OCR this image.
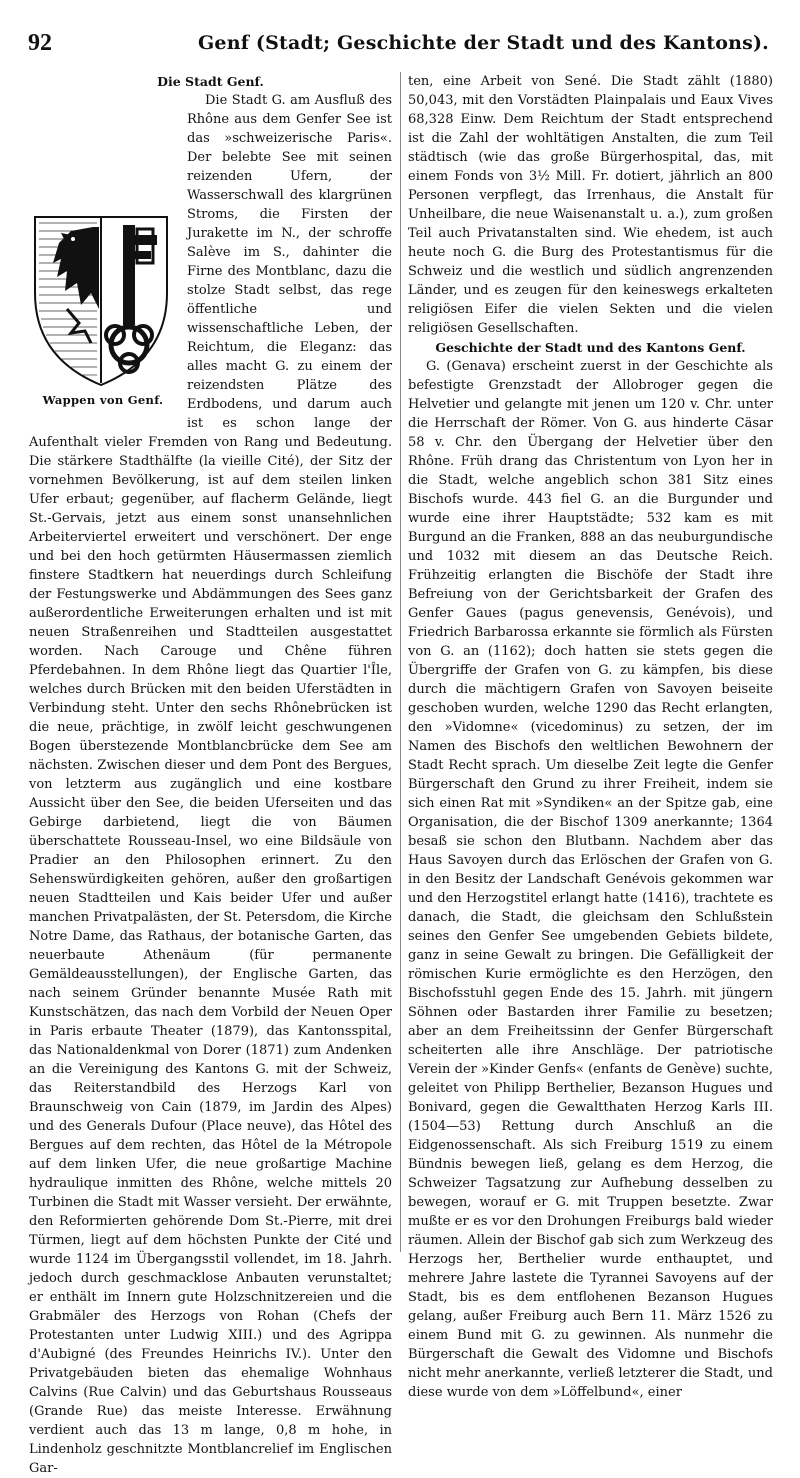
92	Genf (Stadt; Geschichte der Stadt und des Kantons).
Die Stadt Genf.
Wappen von Genf.

Die Stadt G. am Ausfluß des Rhône aus dem Genfer See ist das »schweizerische Paris«. Der belebte See mit seinen reizenden Ufern, der Wasserschwall des klargrünen Stroms, die Firsten der Jurakette im N., der schroffe Salève im S., dahinter die Firne des Montblanc, dazu die stolze Stadt selbst, das rege öffentliche und wissenschaftliche Leben, der Reichtum, die Eleganz: das alles macht G. zu einem der reizendsten Plätze des Erdbodens, und darum auch ist es schon lange der Aufenthalt vieler Fremden von Rang und Bedeutung. Die stärkere Stadthälfte (la vieille Cité), der Sitz der vornehmen Bevölkerung, ist auf dem steilen linken Ufer erbaut; gegenüber, auf flacherm Gelände, liegt St.-Gervais, jetzt aus einem sonst unansehnlichen Arbeiterviertel erweitert und verschönert. Der enge und bei den hoch getürmten Häusermassen ziemlich finstere Stadtkern hat neuerdings durch Schleifung der Festungswerke und Abdämmungen des Sees ganz außerordentliche Erweiterungen erhalten und ist mit neuen Straßenreihen und Stadtteilen ausgestattet worden. Nach Carouge und Chêne führen Pferdebahnen. In dem Rhône liegt das Quartier l'Île, welches durch Brücken mit den beiden Uferstädten in Verbindung steht. Unter den sechs Rhônebrücken ist die neue, prächtige, in zwölf leicht geschwungenen Bogen überstezende Montblancbrücke dem See am nächsten. Zwischen dieser und dem Pont des Bergues, von letzterm aus zugänglich und eine kostbare Aussicht über den See, die beiden Uferseiten und das Gebirge darbietend, liegt die von Bäumen überschattete Rousseau-Insel, wo eine Bildsäule von Pradier an den Philosophen erinnert. Zu den Sehenswürdigkeiten gehören, außer den großartigen neuen Stadtteilen und Kais beider Ufer und außer manchen Privatpalästen, der St. Petersdom, die Kirche Notre Dame, das Rathaus, der botanische Garten, das neuerbaute Athenäum (für permanente Gemäldeausstellungen), der Englische Garten, das nach seinem Gründer benannte Musée Rath mit Kunstschätzen, das nach dem Vorbild der Neuen Oper in Paris erbaute Theater (1879), das Kantonsspital, das Nationaldenkmal von Dorer (1871) zum Andenken an die Vereinigung des Kantons G. mit der Schweiz, das Reiterstandbild des Herzogs Karl von Braunschweig von Cain (1879, im Jardin des Alpes) und des Generals Dufour (Place neuve), das Hôtel des Bergues auf dem rechten, das Hôtel de la Métropole auf dem linken Ufer, die neue großartige Machine hydraulique inmitten des Rhône, welche mittels 20 Turbinen die Stadt mit Wasser versieht. Der erwähnte, den Reformierten gehörende Dom St.-Pierre, mit drei Türmen, liegt auf dem höchsten Punkte der Cité und wurde 1124 im Übergangsstil vollendet, im 18. Jahrh. jedoch durch geschmacklose Anbauten verunstaltet; er enthält im Innern gute Holzschnitzereien und die Grabmäler des Herzogs von Rohan (Chefs der Protestanten unter Ludwig XIII.) und des Agrippa d'Aubigné (des Freundes Heinrichs IV.). Unter den Privatgebäuden bieten das ehemalige Wohnhaus Calvins (Rue Calvin) und das Geburtshaus Rousseaus (Grande Rue) das meiste Interesse. Erwähnung verdient auch das 13 m lange, 0,8 m hohe, in Lindenholz geschnitzte Montblancrelief im Englischen Gar-

ten, eine Arbeit von Sené. Die Stadt zählt (1880) 50,043, mit den Vorstädten Plainpalais und Eaux Vives 68,328 Einw. Dem Reichtum der Stadt entsprechend ist die Zahl der wohltätigen Anstalten, die zum Teil städtisch (wie das große Bürgerhospital, das, mit einem Fonds von 3½ Mill. Fr. dotiert, jährlich an 800 Personen verpflegt, das Irrenhaus, die Anstalt für Unheilbare, die neue Waisenanstalt u. a.), zum großen Teil auch Privatanstalten sind. Wie ehedem, ist auch heute noch G. die Burg des Protestantismus für die Schweiz und die westlich und südlich angrenzenden Länder, und es zeugen für den keineswegs erkalteten religiösen Eifer die vielen Sekten und die vielen religiösen Gesellschaften.

Geschichte der Stadt und des Kantons Genf.

G. (Genava) erscheint zuerst in der Geschichte als befestigte Grenzstadt der Allobroger gegen die Helvetier und gelangte mit jenen um 120 v. Chr. unter die Herrschaft der Römer. Von G. aus hinderte Cäsar 58 v. Chr. den Übergang der Helvetier über den Rhône. Früh drang das Christentum von Lyon her in die Stadt, welche angeblich schon 381 Sitz eines Bischofs wurde. 443 fiel G. an die Burgunder und wurde eine ihrer Hauptstädte; 532 kam es mit Burgund an die Franken, 888 an das neuburgundische und 1032 mit diesem an das Deutsche Reich. Frühzeitig erlangten die Bischöfe der Stadt ihre Befreiung von der Gerichtsbarkeit der Grafen des Genfer Gaues (pagus genevensis, Genévois), und Friedrich Barbarossa erkannte sie förmlich als Fürsten von G. an (1162); doch hatten sie stets gegen die Übergriffe der Grafen von G. zu kämpfen, bis diese durch die mächtigern Grafen von Savoyen beiseite geschoben wurden, welche 1290 das Recht erlangten, den »Vidomne« (vicedominus) zu setzen, der im Namen des Bischofs den weltlichen Bewohnern der Stadt Recht sprach. Um dieselbe Zeit legte die Genfer Bürgerschaft den Grund zu ihrer Freiheit, indem sie sich einen Rat mit »Syndiken« an der Spitze gab, eine Organisation, die der Bischof 1309 anerkannte; 1364 besaß sie schon den Blutbann. Nachdem aber das Haus Savoyen durch das Erlöschen der Grafen von G. in den Besitz der Landschaft Genévois gekommen war und den Herzogstitel erlangt hatte (1416), trachtete es danach, die Stadt, die gleichsam den Schlußstein seines den Genfer See umgebenden Gebiets bildete, ganz in seine Gewalt zu bringen. Die Gefälligkeit der römischen Kurie ermöglichte es den Herzögen, den Bischofsstuhl gegen Ende des 15. Jahrh. mit jüngern Söhnen oder Bastarden ihrer Familie zu besetzen; aber an dem Freiheitssinn der Genfer Bürgerschaft scheiterten alle ihre Anschläge. Der patriotische Verein der »Kinder Genfs« (enfants de Genève) suchte, geleitet von Philipp Berthelier, Bezanson Hugues und Bonivard, gegen die Gewaltthaten Herzog Karls III. (1504—53) Rettung durch Anschluß an die Eidgenossenschaft. Als sich Freiburg 1519 zu einem Bündnis bewegen ließ, gelang es dem Herzog, die Schweizer Tagsatzung zur Aufhebung desselben zu bewegen, worauf er G. mit Truppen besetzte. Zwar mußte er es vor den Drohungen Freiburgs bald wieder räumen. Allein der Bischof gab sich zum Werkzeug des Herzogs her, Berthelier wurde enthauptet, und mehrere Jahre lastete die Tyrannei Savoyens auf der Stadt, bis es dem entflohenen Bezanson Hugues gelang, außer Freiburg auch Bern 11. März 1526 zu einem Bund mit G. zu gewinnen. Als nunmehr die Bürgerschaft die Gewalt des Vidomne und Bischofs nicht mehr anerkannte, verließ letzterer die Stadt, und diese wurde von dem »Löffelbund«, einer
